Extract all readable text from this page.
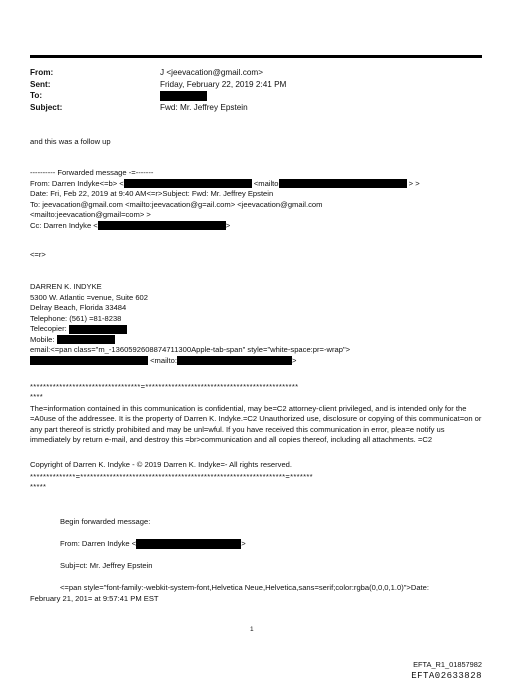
From:	J <jeevacation@gmail.com>
Sent:	Friday, February 22, 2019 2:41 PM
To:
Subject:	Fwd: Mr. Jeffrey Epstein
and this was a follow up
---------- Forwarded message -=-------
From: Darren Indyke<=b> <	<mailto	> >
Date: Fri, Feb 22, 2019 at 9:40 AM<=r>Subject: Fwd: Mr. Jeffrey Epstein
To: jeevacation@gmail.com <mailto:jeevacation@g=ail.com> <jeevacation@gmail.com
<mailto:jeevacation@gmail=com> >
Cc: Darren Indyke <	>
<=r>
DARREN K. INDYKE
5300 W. Atlantic =venue, Suite 602
Delray Beach, Florida 33484
Telephone: (561) =81-8238
Telecopier:
Mobile:
email:<=pan class="m_-1360592608874711300Apple-tab-span" style="white-space:pr=-wrap">
<mailto:	>
**********************************=***********************************************
****
The=information contained in this communication is confidential, may be=C2 attorney-client privileged, and is intended only for the =A0use of the addressee. It is the property of Darren K. Indyke.=C2 Unauthorized use, disclosure or copying of this communicat=on or any part thereof is strictly prohibited and may be unl=wful. If you have received this communication in error, plea=e notify us immediately by return e-mail, and destroy this =br>communication and all copies thereof, including all attachments. =C2
Copyright of Darren K. Indyke - © 2019 Darren K. Indyke=- All rights reserved.
**************=***************************************************************=*******
*****
Begin forwarded message:
From: Darren Indyke <	>
Subj=ct: Mr. Jeffrey Epstein
<=pan style="font-family:-webkit-system-font,Helvetica Neue,Helvetica,sans=serif;color:rgba(0,0,0,1.0)">Date:
February 21, 201= at 9:57:41 PM EST
1
EFTA_R1_01857982
EFTA02633828
